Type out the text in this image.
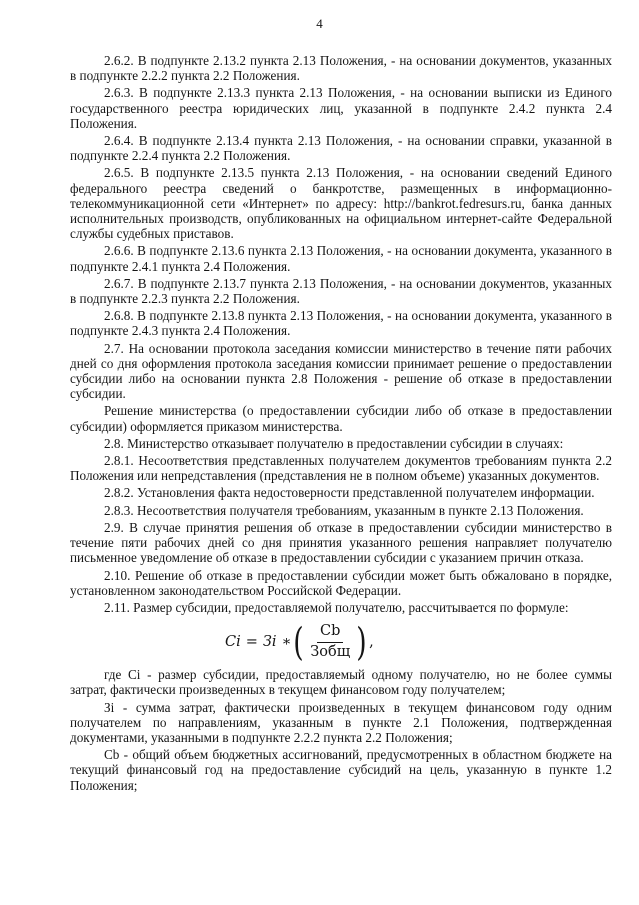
4

2.6.2. В подпункте 2.13.2 пункта 2.13 Положения, - на основании документов, указанных в подпункте 2.2.2 пункта 2.2 Положения.

2.6.3. В подпункте 2.13.3 пункта 2.13 Положения, - на основании выписки из Единого государственного реестра юридических лиц, указанной в подпункте 2.4.2 пункта 2.4 Положения.

2.6.4. В подпункте 2.13.4 пункта 2.13 Положения, - на основании справки, указанной в подпункте 2.2.4 пункта 2.2 Положения.

2.6.5. В подпункте 2.13.5 пункта 2.13 Положения, - на основании сведений Единого федерального реестра сведений о банкротстве, размещенных в информационно-телекоммуникационной сети «Интернет» по адресу: http://bankrot.fedresurs.ru, банка данных исполнительных производств, опубликованных на официальном интернет-сайте Федеральной службы судебных приставов.

2.6.6. В подпункте 2.13.6 пункта 2.13 Положения, - на основании документа, указанного в подпункте 2.4.1 пункта 2.4 Положения.

2.6.7. В подпункте 2.13.7 пункта 2.13 Положения, - на основании документов, указанных в подпункте 2.2.3 пункта 2.2 Положения.

2.6.8. В подпункте 2.13.8 пункта 2.13 Положения, - на основании документа, указанного в подпункте 2.4.3 пункта 2.4 Положения.

2.7. На основании протокола заседания комиссии министерство в течение пяти рабочих дней со дня оформления протокола заседания комиссии принимает решение о предоставлении субсидии либо на основании пункта 2.8 Положения - решение об отказе в предоставлении субсидии.

Решение министерства (о предоставлении субсидии либо об отказе в предоставлении субсидии) оформляется приказом министерства.

2.8. Министерство отказывает получателю в предоставлении субсидии в случаях:

2.8.1. Несоответствия представленных получателем документов требованиям пункта 2.2 Положения или непредставления (представления не в полном объеме) указанных документов.

2.8.2. Установления факта недостоверности представленной получателем информации.

2.8.3. Несоответствия получателя требованиям, указанным в пункте 2.13 Положения.

2.9. В случае принятия решения об отказе в предоставлении субсидии министерство в течение пяти рабочих дней со дня принятия указанного решения направляет получателю письменное уведомление об отказе в предоставлении субсидии с указанием причин отказа.

2.10. Решение об отказе в предоставлении субсидии может быть обжаловано в порядке, установленном законодательством Российской Федерации.

2.11. Размер субсидии, предоставляемой получателю, рассчитывается по формуле:

Ci = Зi ∗ ( $\frac{Cb}{\text{Зобщ}}$ ) ,

где Ci - размер субсидии, предоставляемый одному получателю, но не более суммы затрат, фактически произведенных в текущем финансовом году получателем;

Зi - сумма затрат, фактически произведенных в текущем финансовом году одним получателем по направлениям, указанным в пункте 2.1 Положения, подтвержденная документами, указанными в подпункте 2.2.2 пункта 2.2 Положения;

Cb - общий объем бюджетных ассигнований, предусмотренных в областном бюджете на текущий финансовый год на предоставление субсидий на цель, указанную в пункте 1.2 Положения;
